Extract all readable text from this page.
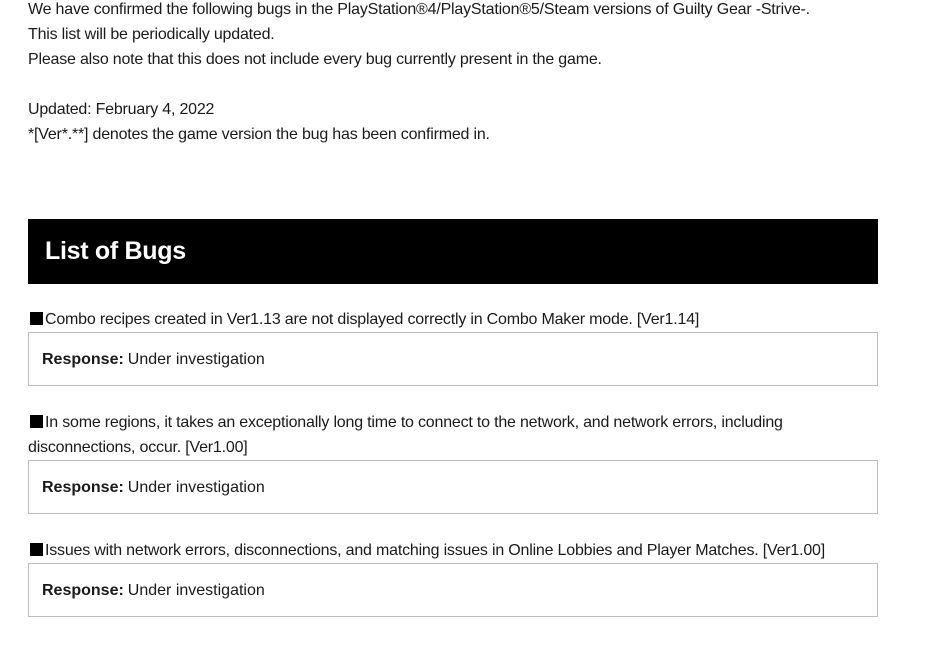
We have confirmed the following bugs in the PlayStation®4/PlayStation®5/Steam versions of Guilty Gear -Strive-.

This list will be periodically updated.

Please also note that this does not include every bug currently present in the game.

Updated: February 4, 2022

*[Ver*.**] denotes the game version the bug has been confirmed in.

List of Bugs
Combo recipes created in Ver1.13 are not displayed correctly in Combo Maker mode. [Ver1.14]
Response: Under investigation
In some regions, it takes an exceptionally long time to connect to the network, and network errors, including disconnections, occur. [Ver1.00]
Response: Under investigation
Issues with network errors, disconnections, and matching issues in Online Lobbies and Player Matches. [Ver1.00]
Response: Under investigation
